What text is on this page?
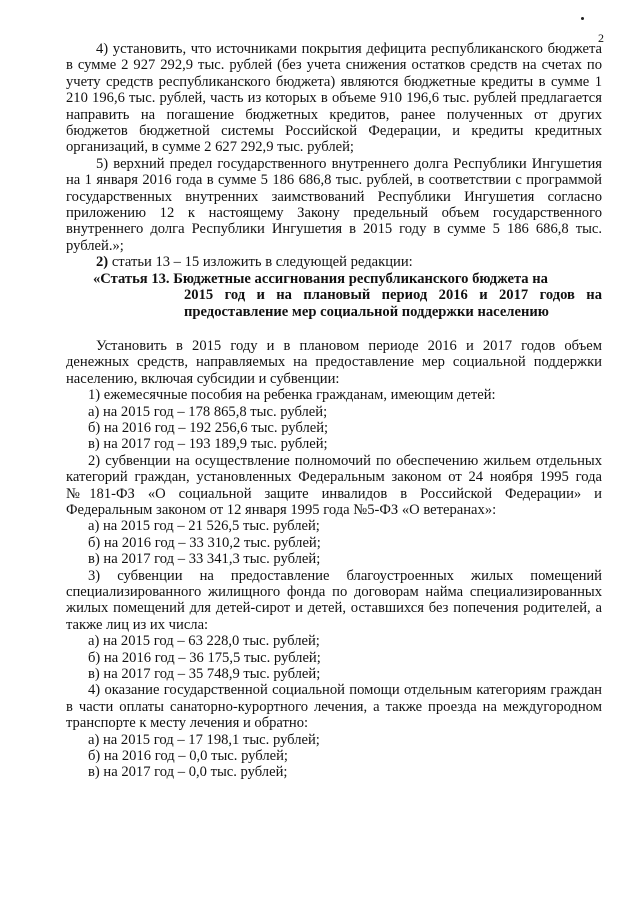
2

4) установить, что источниками покрытия дефицита республиканского бюджета в сумме 2 927 292,9 тыс. рублей (без учета снижения остатков средств на счетах по учету средств республиканского бюджета) являются бюджетные кредиты в сумме 1 210 196,6 тыс. рублей, часть из которых в объеме 910 196,6 тыс. рублей предлагается направить на погашение бюджетных кредитов, ранее полученных от других бюджетов бюджетной системы Российской Федерации, и кредиты кредитных организаций, в сумме 2 627 292,9 тыс. рублей;

5) верхний предел государственного внутреннего долга Республики Ингушетия на 1 января 2016 года в сумме 5 186 686,8 тыс. рублей, в соответствии с программой государственных внутренних заимствований Республики Ингушетия согласно приложению 12 к настоящему Закону предельный объем государственного внутреннего долга Республики Ингушетия в 2015 году в сумме 5 186 686,8 тыс. рублей.»;

2) статьи 13 – 15 изложить в следующей редакции:

«Статья 13. Бюджетные ассигнования республиканского бюджета на

2015 год и на плановый период 2016 и 2017 годов на предоставление мер социальной поддержки населению

Установить в 2015 году и в плановом периоде 2016 и 2017 годов объем денежных средств, направляемых на предоставление мер социальной поддержки населению, включая субсидии и субвенции:

1) ежемесячные пособия на ребенка гражданам, имеющим детей:

а) на 2015 год – 178 865,8 тыс. рублей;

б) на 2016 год – 192 256,6 тыс. рублей;

в) на 2017 год – 193 189,9 тыс. рублей;

2) субвенции на осуществление полномочий по обеспечению жильем отдельных категорий граждан, установленных Федеральным законом от 24 ноября 1995 года №181-ФЗ «О социальной защите инвалидов в Российской Федерации» и Федеральным законом от 12 января 1995 года №5-ФЗ «О ветеранах»:

а) на 2015 год – 21 526,5 тыс. рублей;

б) на 2016 год – 33 310,2 тыс. рублей;

в) на 2017 год – 33 341,3 тыс. рублей;

3) субвенции на предоставление благоустроенных жилых помещений специализированного жилищного фонда по договорам найма специализированных жилых помещений для детей-сирот и детей, оставшихся без попечения родителей, а также лиц из их числа:

а) на 2015 год – 63 228,0 тыс. рублей;

б) на 2016 год – 36 175,5 тыс. рублей;

в) на 2017 год – 35 748,9 тыс. рублей;

4) оказание государственной социальной помощи отдельным категориям граждан в части оплаты санаторно-курортного лечения, а также проезда на междугородном транспорте к месту лечения и обратно:

а) на 2015 год – 17 198,1 тыс. рублей;

б) на 2016 год – 0,0 тыс. рублей;

в) на 2017 год – 0,0 тыс. рублей;
